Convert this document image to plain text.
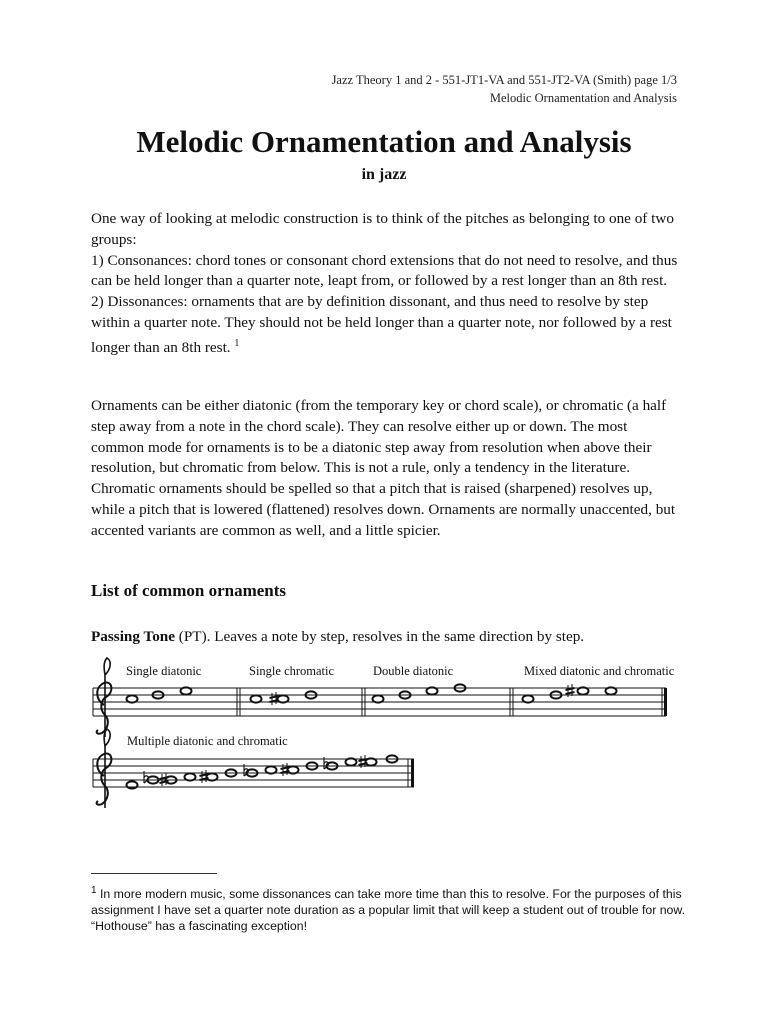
Jazz Theory 1 and 2 - 551-JT1-VA and 551-JT2-VA (Smith) page 1/3
Melodic Ornamentation and Analysis
Melodic Ornamentation and Analysis
in jazz

One way of looking at melodic construction is to think of the pitches as belonging to one of two groups:

1) Consonances: chord tones or consonant chord extensions that do not need to resolve, and thus can be held longer than a quarter note, leapt from, or followed by a rest longer than an 8th rest.

2) Dissonances: ornaments that are by definition dissonant, and thus need to resolve by step within a quarter note. They should not be held longer than a quarter note, nor followed by a rest longer than an 8th rest. $^1$

Ornaments can be either diatonic (from the temporary key or chord scale), or chromatic (a half step away from a note in the chord scale). They can resolve either up or down. The most common mode for ornaments is to be a diatonic step away from resolution when above their resolution, but chromatic from below. This is not a rule, only a tendency in the literature. Chromatic ornaments should be spelled so that a pitch that is raised (sharpened) resolves up, while a pitch that is lowered (flattened) resolves down. Ornaments are normally unaccented, but accented variants are common as well, and a little spicier.

List of common ornaments

Passing Tone (PT). Leaves a note by step, resolves in the same direction by step.

Single diatonic	Single chromatic	Double diatonic	Mixed diatonic and chromatic
Multiple diatonic and chromatic
$^1$ In more modern music, some dissonances can take more time than this to resolve. For the purposes of this assignment I have set a quarter note duration as a popular limit that will keep a student out of trouble for now. “Hothouse” has a fascinating exception!
